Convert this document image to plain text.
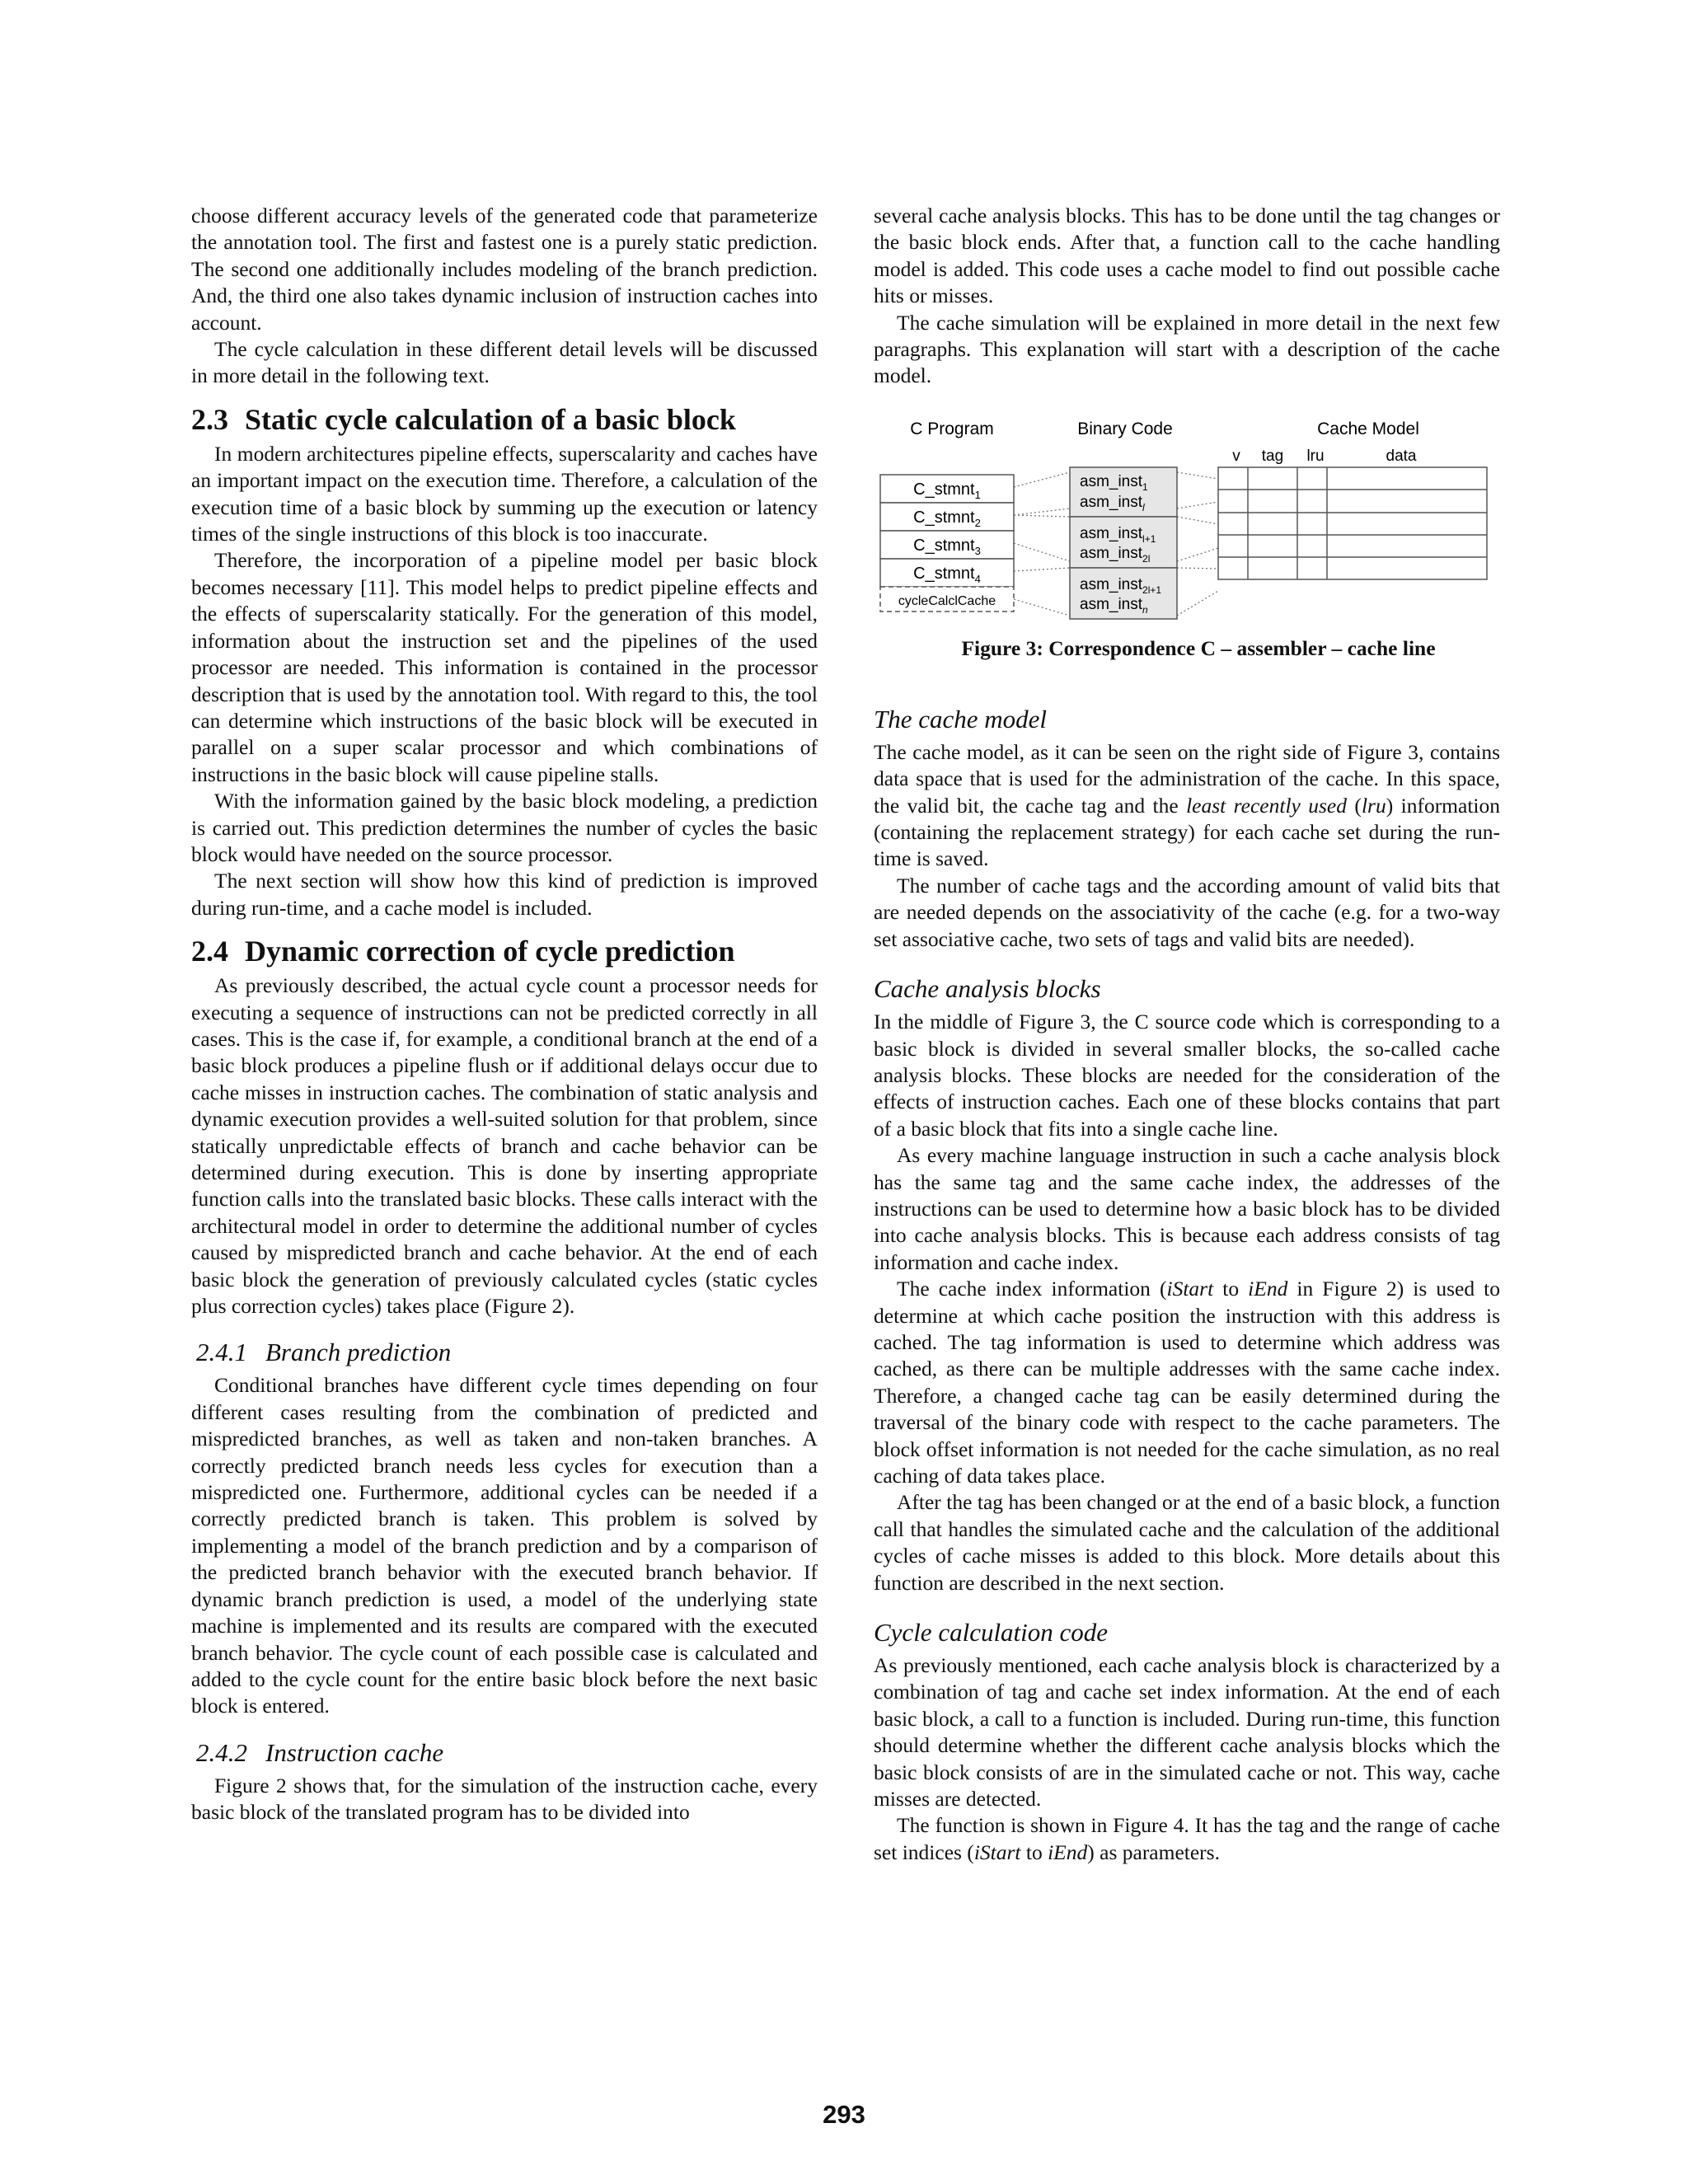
choose different accuracy levels of the generated code that parameterize the annotation tool. The first and fastest one is a purely static prediction. The second one additionally includes modeling of the branch prediction. And, the third one also takes dynamic inclusion of instruction caches into account.

The cycle calculation in these different detail levels will be discussed in more detail in the following text.

2.3 Static cycle calculation of a basic block

In modern architectures pipeline effects, superscalarity and caches have an important impact on the execution time. Therefore, a calculation of the execution time of a basic block by summing up the execution or latency times of the single instructions of this block is too inaccurate.

Therefore, the incorporation of a pipeline model per basic block becomes necessary [11]. This model helps to predict pipeline effects and the effects of superscalarity statically. For the generation of this model, information about the instruction set and the pipelines of the used processor are needed. This information is contained in the processor description that is used by the annotation tool. With regard to this, the tool can determine which instructions of the basic block will be executed in parallel on a super scalar processor and which combinations of instructions in the basic block will cause pipeline stalls.

With the information gained by the basic block modeling, a prediction is carried out. This prediction determines the number of cycles the basic block would have needed on the source processor.

The next section will show how this kind of prediction is improved during run-time, and a cache model is included.

2.4 Dynamic correction of cycle prediction

As previously described, the actual cycle count a processor needs for executing a sequence of instructions can not be predicted correctly in all cases. This is the case if, for example, a conditional branch at the end of a basic block produces a pipeline flush or if additional delays occur due to cache misses in instruction caches. The combination of static analysis and dynamic execution provides a well-suited solution for that problem, since statically unpredictable effects of branch and cache behavior can be determined during execution. This is done by inserting appropriate function calls into the translated basic blocks. These calls interact with the architectural model in order to determine the additional number of cycles caused by mispredicted branch and cache behavior. At the end of each basic block the generation of previously calculated cycles (static cycles plus correction cycles) takes place (Figure 2).

2.4.1 Branch prediction

Conditional branches have different cycle times depending on four different cases resulting from the combination of predicted and mispredicted branches, as well as taken and non-taken branches. A correctly predicted branch needs less cycles for execution than a mispredicted one. Furthermore, additional cycles can be needed if a correctly predicted branch is taken. This problem is solved by implementing a model of the branch prediction and by a comparison of the predicted branch behavior with the executed branch behavior. If dynamic branch prediction is used, a model of the underlying state machine is implemented and its results are compared with the executed branch behavior. The cycle count of each possible case is calculated and added to the cycle count for the entire basic block before the next basic block is entered.

2.4.2 Instruction cache

Figure 2 shows that, for the simulation of the instruction cache, every basic block of the translated program has to be divided into

several cache analysis blocks. This has to be done until the tag changes or the basic block ends. After that, a function call to the cache handling model is added. This code uses a cache model to find out possible cache hits or misses.

The cache simulation will be explained in more detail in the next few paragraphs. This explanation will start with a description of the cache model.

C Program	Binary Code	Cache Model
v tag lru	data
C_stmnt$_1$
C_stmnt$_2$
C_stmnt$_3$
C_stmnt$_4$
cycleCalclCache
asm_inst$_1$
asm_inst$_l$
asm_inst$_{l+1}$
asm_inst$_{2l}$
asm_inst$_{2l+1}$
asm_inst$_n$

Figure 3: Correspondence C – assembler – cache line

The cache model

The cache model, as it can be seen on the right side of Figure 3, contains data space that is used for the administration of the cache. In this space, the valid bit, the cache tag and the least recently used (lru) information (containing the replacement strategy) for each cache set during the run-time is saved.

The number of cache tags and the according amount of valid bits that are needed depends on the associativity of the cache (e.g. for a two-way set associative cache, two sets of tags and valid bits are needed).

Cache analysis blocks

In the middle of Figure 3, the C source code which is corresponding to a basic block is divided in several smaller blocks, the so-called cache analysis blocks. These blocks are needed for the consideration of the effects of instruction caches. Each one of these blocks contains that part of a basic block that fits into a single cache line.

As every machine language instruction in such a cache analysis block has the same tag and the same cache index, the addresses of the instructions can be used to determine how a basic block has to be divided into cache analysis blocks. This is because each address consists of tag information and cache index.

The cache index information (iStart to iEnd in Figure 2) is used to determine at which cache position the instruction with this address is cached. The tag information is used to determine which address was cached, as there can be multiple addresses with the same cache index. Therefore, a changed cache tag can be easily determined during the traversal of the binary code with respect to the cache parameters. The block offset information is not needed for the cache simulation, as no real caching of data takes place.

After the tag has been changed or at the end of a basic block, a function call that handles the simulated cache and the calculation of the additional cycles of cache misses is added to this block. More details about this function are described in the next section.

Cycle calculation code

As previously mentioned, each cache analysis block is characterized by a combination of tag and cache set index information. At the end of each basic block, a call to a function is included. During run-time, this function should determine whether the different cache analysis blocks which the basic block consists of are in the simulated cache or not. This way, cache misses are detected.

The function is shown in Figure 4. It has the tag and the range of cache set indices (iStart to iEnd) as parameters.

293
